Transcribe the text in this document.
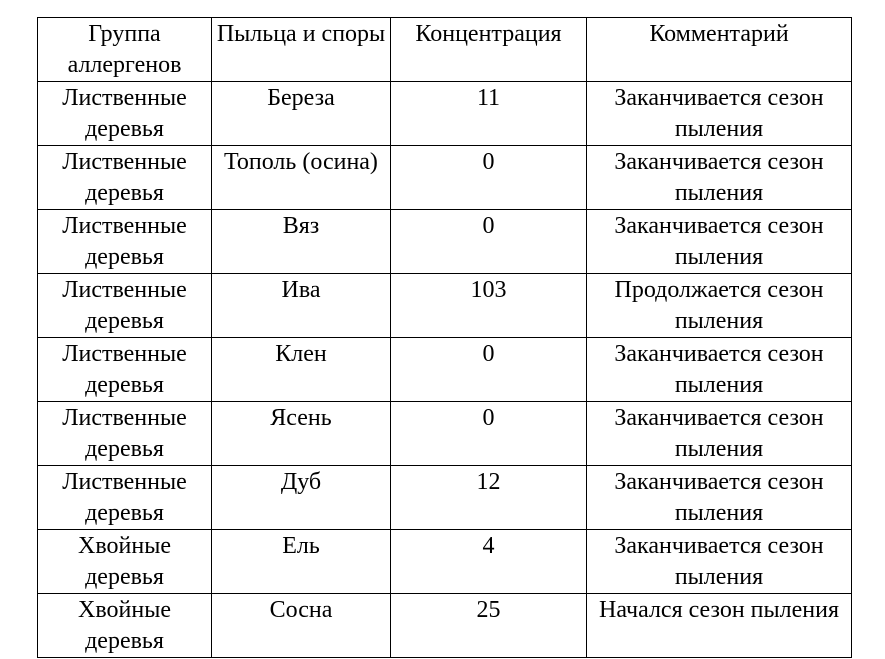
Группа аллергенов	Пыльца и споры	Концентрация	Комментарий
Лиственные деревья	Береза	11	Заканчивается сезон пыления
Лиственные деревья	Тополь (осина)	0	Заканчивается сезон пыления
Лиственные деревья	Вяз	0	Заканчивается сезон пыления
Лиственные деревья	Ива	103	Продолжается сезон пыления
Лиственные деревья	Клен	0	Заканчивается сезон пыления
Лиственные деревья	Ясень	0	Заканчивается сезон пыления
Лиственные деревья	Дуб	12	Заканчивается сезон пыления
Хвойные деревья	Ель	4	Заканчивается сезон пыления
Хвойные деревья	Сосна	25	Начался сезон пыления
